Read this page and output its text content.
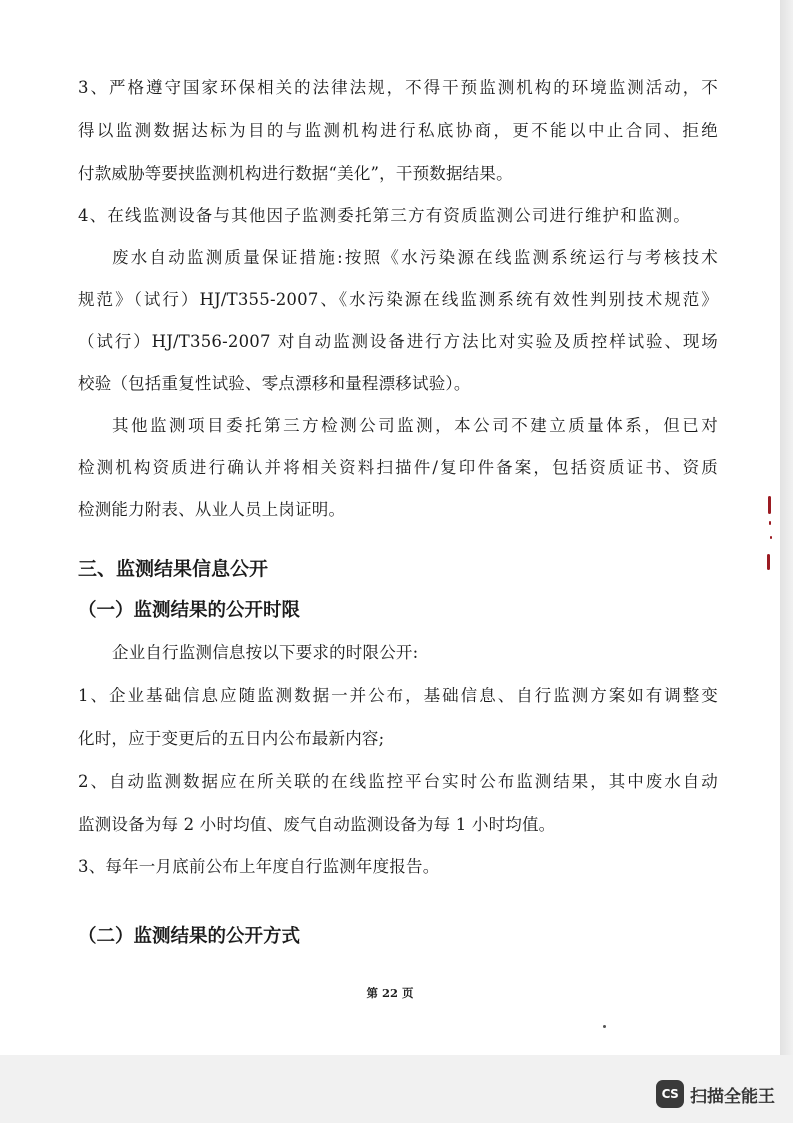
3、严格遵守国家环保相关的法律法规，不得干预监测机构的环境监测活动，不
得以监测数据达标为目的与监测机构进行私底协商，更不能以中止合同、拒绝
付款威胁等要挟监测机构进行数据“美化”，干预数据结果。
4、在线监测设备与其他因子监测委托第三方有资质监测公司进行维护和监测。
废水自动监测质量保证措施:按照《水污染源在线监测系统运行与考核技术
规范》（试行）HJ/T355-2007、《水污染源在线监测系统有效性判别技术规范》
（试行）HJ/T356-2007 对自动监测设备进行方法比对实验及质控样试验、现场
校验（包括重复性试验、零点漂移和量程漂移试验）。
其他监测项目委托第三方检测公司监测，本公司不建立质量体系，但已对
检测机构资质进行确认并将相关资料扫描件/复印件备案，包括资质证书、资质
检测能力附表、从业人员上岗证明。
三、监测结果信息公开
（一）监测结果的公开时限
企业自行监测信息按以下要求的时限公开:
1、企业基础信息应随监测数据一并公布，基础信息、自行监测方案如有调整变
化时，应于变更后的五日内公布最新内容;
2、自动监测数据应在所关联的在线监控平台实时公布监测结果，其中废水自动
监测设备为每 2 小时均值、废气自动监测设备为每 1 小时均值。
3、每年一月底前公布上年度自行监测年度报告。
（二）监测结果的公开方式
第 22 页
CS 扫描全能王
